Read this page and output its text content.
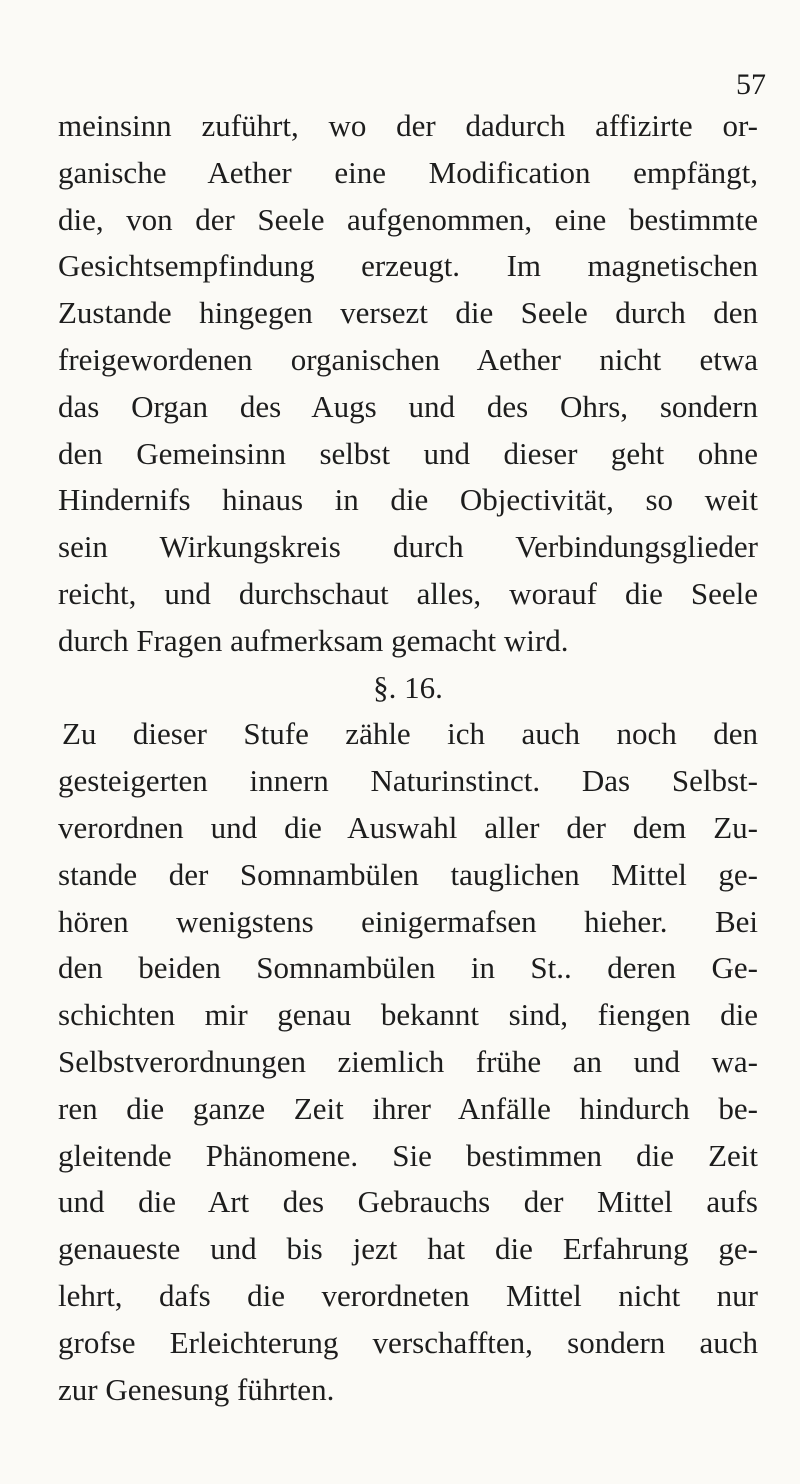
57
meinsinn zuführt, wo der dadurch affizirte or-
ganische Aether eine Modification empfängt,
die, von der Seele aufgenommen, eine bestimmte
Gesichtsempfindung erzeugt. Im magnetischen
Zustande hingegen versezt die Seele durch den
freigewordenen organischen Aether nicht etwa
das Organ des Augs und des Ohrs, sondern
den Gemeinsinn selbst und dieser geht ohne
Hindernifs hinaus in die Objectivität, so weit
sein Wirkungskreis durch Verbindungsglieder
reicht, und durchschaut alles, worauf die Seele
durch Fragen aufmerksam gemacht wird.
§. 16.
Zu dieser Stufe zähle ich auch noch den
gesteigerten innern Naturinstinct. Das Selbst-
verordnen und die Auswahl aller der dem Zu-
stande der Somnambülen tauglichen Mittel ge-
hören wenigstens einigermafsen hieher. Bei
den beiden Somnambülen in St.. deren Ge-
schichten mir genau bekannt sind, fiengen die
Selbstverordnungen ziemlich frühe an und wa-
ren die ganze Zeit ihrer Anfälle hindurch be-
gleitende Phänomene. Sie bestimmen die Zeit
und die Art des Gebrauchs der Mittel aufs
genaueste und bis jezt hat die Erfahrung ge-
lehrt, dafs die verordneten Mittel nicht nur
grofse Erleichterung verschafften, sondern auch
zur Genesung führten.
